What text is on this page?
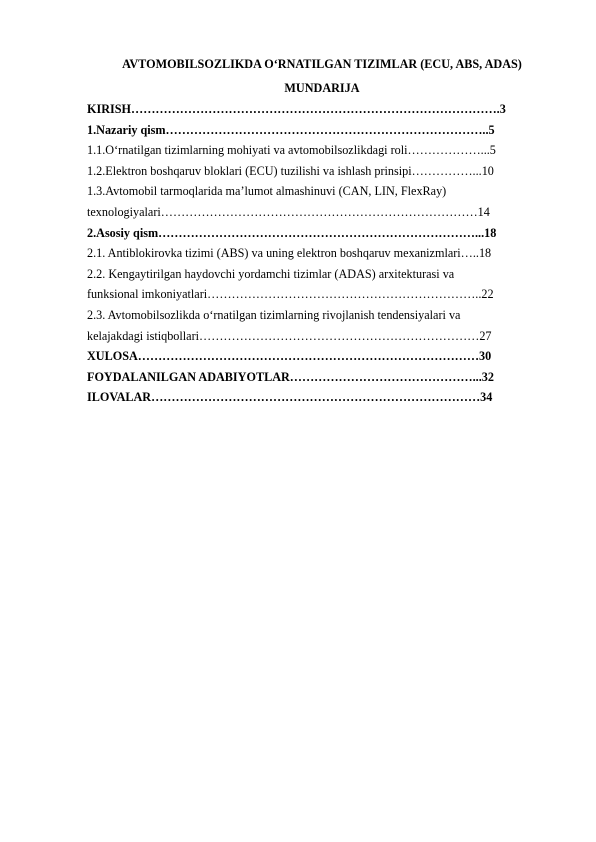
AVTOMOBILSOZLIKDA O‘RNATILGAN TIZIMLAR (ECU, ABS, ADAS)
MUNDARIJA
KIRISH……………………………………………………………………………….3
1.Nazariy qism……………………………………………………………………..5
1.1.O‘rnatilgan tizimlarning mohiyati va avtomobilsozlikdagi roli………………...5
1.2.Elektron boshqaruv bloklari (ECU) tuzilishi va ishlash prinsipi……………...10
1.3.Avtomobil tarmoqlarida ma’lumot almashinuvi (CAN, LIN, FlexRay)
texnologiyalari……………………………………………………………………14
2.Asosiy qism……………………………………………………………………...18
2.1. Antiblokirovka tizimi (ABS) va uning elektron boshqaruv mexanizmlari…..18
2.2. Kengaytirilgan haydovchi yordamchi tizimlar (ADAS) arxitekturasi va
funksional imkoniyatlari…………………………………………………………..22
2.3. Avtomobilsozlikda o‘rnatilgan tizimlarning rivojlanish tendensiyalari va
kelajakdagi istiqbollari……………………………………………………………27
XULOSA…………………………………………………………………………30
FOYDALANILGAN ADABIYOTLAR………………………………………...32
ILOVALAR………………………………………………………………………34
